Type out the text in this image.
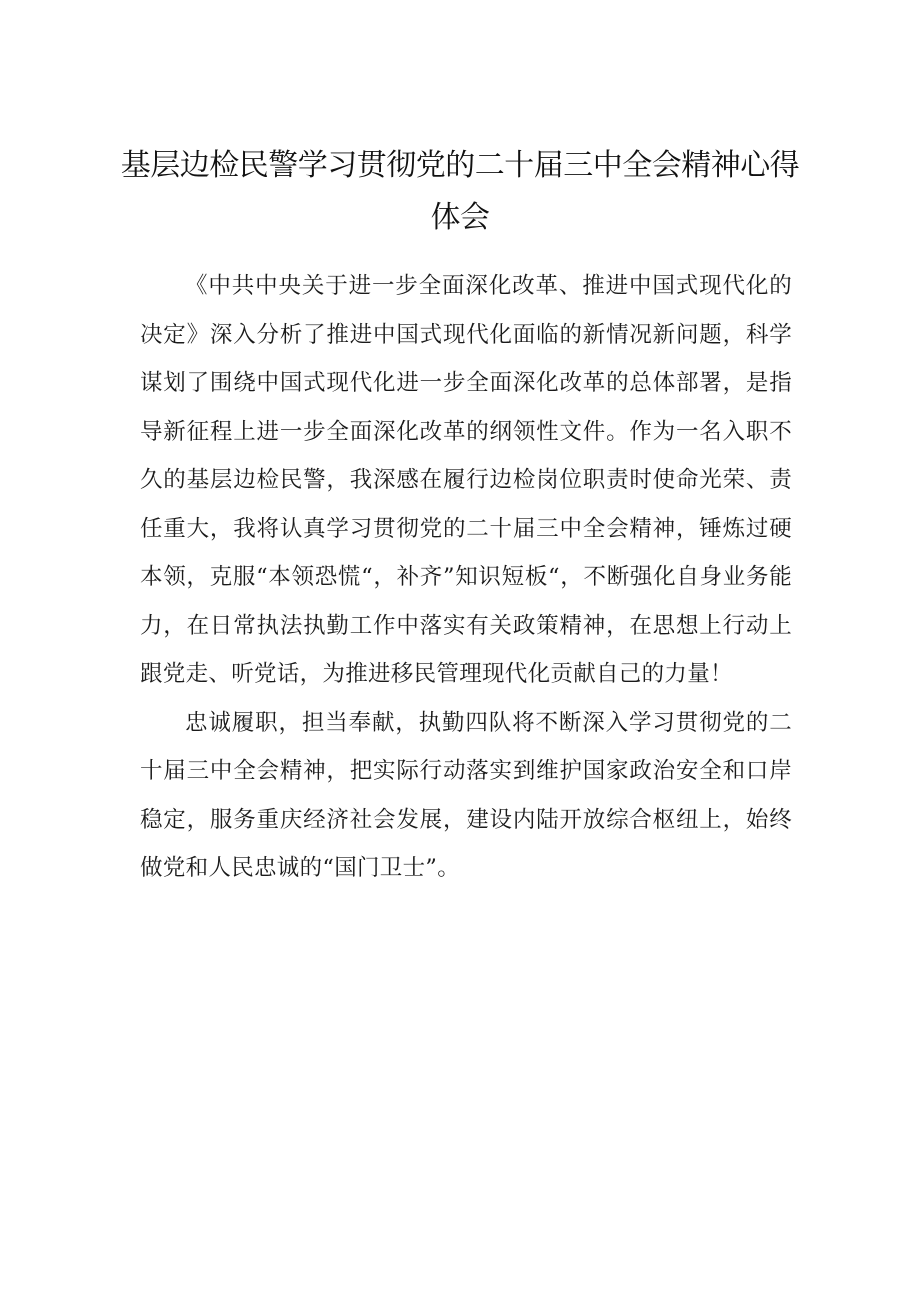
基层边检民警学习贯彻党的二十届三中全会精神心得体会

《中共中央关于进一步全面深化改革、推进中国式现代化的决定》深入分析了推进中国式现代化面临的新情况新问题，科学谋划了围绕中国式现代化进一步全面深化改革的总体部署，是指导新征程上进一步全面深化改革的纲领性文件。作为一名入职不久的基层边检民警，我深感在履行边检岗位职责时使命光荣、责任重大，我将认真学习贯彻党的二十届三中全会精神，锤炼过硬本领，克服“本领恐慌“，补齐”知识短板“，不断强化自身业务能力，在日常执法执勤工作中落实有关政策精神，在思想上行动上跟党走、听党话，为推进移民管理现代化贡献自己的力量！

忠诚履职，担当奉献，执勤四队将不断深入学习贯彻党的二十届三中全会精神，把实际行动落实到维护国家政治安全和口岸稳定，服务重庆经济社会发展，建设内陆开放综合枢纽上，始终做党和人民忠诚的“国门卫士”。
